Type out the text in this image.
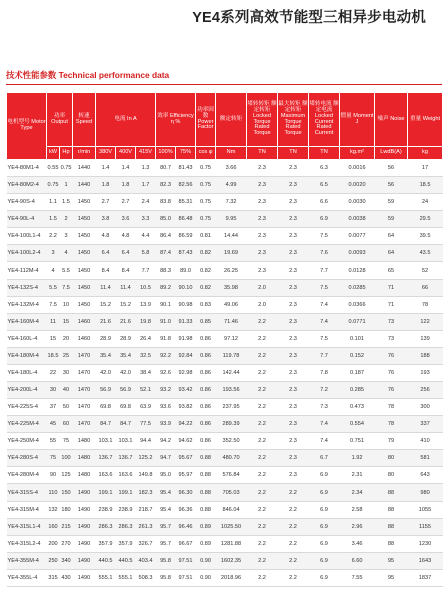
YE4系列高效节能型三相异步电动机
技术性能参数 Technical performance data
电机型号 Motor Type	功率 Output		转速 Speed	电流 In A			效率 Efficiency η %		功率因数 Power Factor	额定转矩	堵转转矩 额定转矩 Locked Torque Rated Torque	最大转矩 额定转矩 Maximum Torque Rated Torque	堵转电流 额定电流 Locked Current Rated Current	惯量 Moment J	噪声 Noise	重量 Weight
	kW	Hp	r/min	380V	400V	415V	100%	75%	cos φ	Nm	TN	TN	TN	kg.m²	LwdB(A)	kg
YE4-80M1-4	0.55	0.75	1440	1.4	1.4	1.3	80.7	81.43	0.75	3.66	2.3	2.3	6.3	0.0016	56	17
YE4-80M2-4	0.75	1	1440	1.8	1.8	1.7	82.3	82.56	0.75	4.99	2.3	2.3	6.5	0.0020	56	18.5
YE4-90S-4	1.1	1.5	1450	2.7	2.7	2.4	83.8	85.31	0.75	7.32	2.3	2.3	6.6	0.0030	59	24
YE4-90L-4	1.5	2	1450	3.8	3.6	3.3	85.0	86.48	0.75	9.95	2.3	2.3	6.9	0.0038	59	29.5
YE4-100L1-4	2.2	3	1450	4.8	4.8	4.4	86.4	86.59	0.81	14.44	2.3	2.3	7.5	0.0077	64	39.5
YE4-100L2-4	3	4	1450	6.4	6.4	5.8	87.4	87.43	0.82	19.69	2.3	2.3	7.6	0.0093	64	43.5
YE4-112M-4	4	5.5	1450	8.4	8.4	7.7	88.3	89.0	0.82	26.25	2.3	2.3	7.7	0.0128	65	52
YE4-132S-4	5.5	7.5	1450	11.4	11.4	10.5	89.2	90.10	0.82	35.98	2.0	2.3	7.5	0.0285	71	66
YE4-132M-4	7.5	10	1450	15.2	15.2	13.9	90.1	90.98	0.83	49.06	2.0	2.3	7.4	0.0366	71	78
YE4-160M-4	11	15	1460	21.6	21.6	19.8	91.0	91.33	0.85	71.46	2.2	2.3	7.4	0.0771	73	122
YE4-160L-4	15	20	1460	28.9	28.9	26.4	91.8	91.98	0.86	97.12	2.2	2.3	7.5	0.101	73	139
YE4-180M-4	18.5	25	1470	35.4	35.4	32.5	92.2	92.84	0.86	119.78	2.2	2.3	7.7	0.152	76	188
YE4-180L-4	22	30	1470	42.0	42.0	38.4	92.6	92.98	0.86	142.44	2.2	2.3	7.8	0.187	76	193
YE4-200L-4	30	40	1470	56.9	56.9	52.1	93.2	93.42	0.86	193.56	2.2	2.3	7.2	0.285	76	256
YE4-225S-4	37	50	1470	69.8	69.8	63.9	93.6	93.82	0.86	237.95	2.2	2.3	7.3	0.473	78	300
YE4-225M-4	45	60	1470	84.7	84.7	77.5	93.9	94.22	0.86	289.39	2.2	2.3	7.4	0.554	78	337
YE4-250M-4	55	75	1480	103.1	103.1	94.4	94.2	94.62	0.86	352.50	2.2	2.3	7.4	0.751	79	410
YE4-280S-4	75	100	1480	136.7	136.7	125.2	94.7	95.67	0.88	480.70	2.2	2.3	6.7	1.92	80	581
YE4-280M-4	90	125	1480	163.6	163.6	149.8	95.0	95.97	0.88	576.84	2.2	2.3	6.9	2.31	80	643
YE4-315S-4	110	150	1490	199.1	199.1	182.3	95.4	96.30	0.88	705.03	2.2	2.2	6.9	2.34	88	980
YE4-315M-4	132	180	1490	238.9	238.9	218.7	95.4	96.36	0.88	846.04	2.2	2.2	6.9	2.58	88	1055
YE4-315L1-4	160	215	1490	286.3	286.3	261.3	95.7	96.46	0.89	1025.50	2.2	2.2	6.9	2.96	88	1155
YE4-315L2-4	200	270	1490	357.9	357.9	326.7	95.7	96.67	0.89	1281.88	2.2	2.2	6.9	3.46	88	1230
YE4-355M-4	250	340	1490	440.5	440.5	403.4	95.8	97.51	0.90	1602.35	2.2	2.2	6.9	6.60	95	1643
YE4-355L-4	315	430	1490	555.1	555.1	508.3	95.8	97.51	0.90	2018.96	2.2	2.2	6.9	7.55	95	1837
